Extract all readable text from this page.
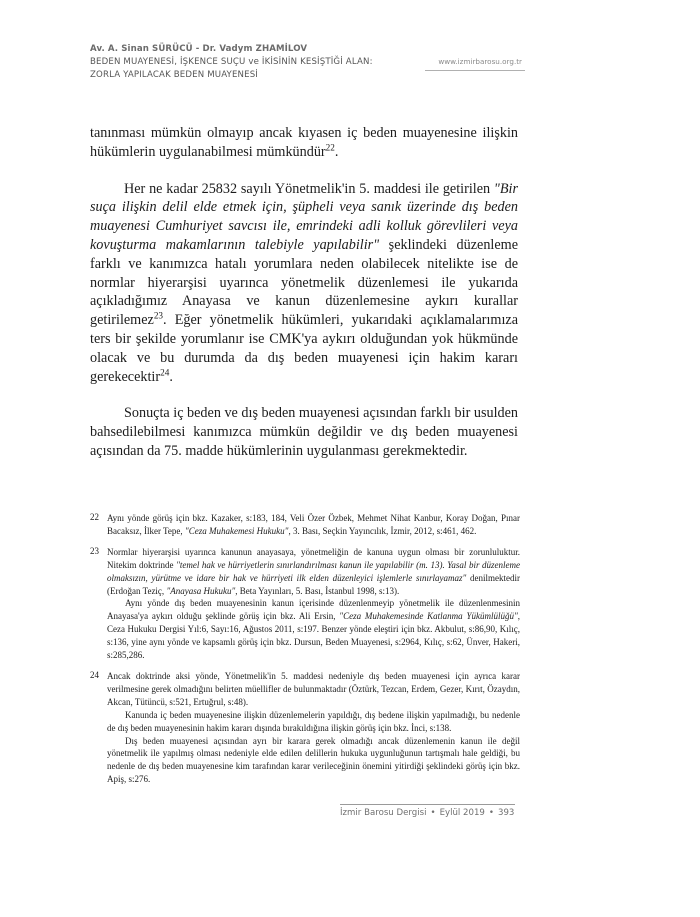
Av. A. Sinan SÜRÜCÜ - Dr. Vadym ZHAMİLOV
BEDEN MUAYENESİ, İŞKENCE SUÇU ve İKİSİNİN KESİŞTİĞİ ALAN:
ZORLA YAPILACAK BEDEN MUAYENESİ
www.izmirbarosu.org.tr

tanınması mümkün olmayıp ancak kıyasen iç beden muayenesine ilişkin hükümlerin uygulanabilmesi mümkündür$^{22}$.

Her ne kadar 25832 sayılı Yönetmelik'in 5. maddesi ile getirilen "Bir suça ilişkin delil elde etmek için, şüpheli veya sanık üzerinde dış beden muayenesi Cumhuriyet savcısı ile, emrindeki adli kolluk görevlileri veya kovuşturma makamlarının talebiyle yapılabilir" şeklindeki düzenleme farklı ve kanımızca hatalı yorumlara neden olabilecek nitelikte ise de normlar hiyerarşisi uyarınca yönetmelik düzenlemesi ile yukarıda açıkladığımız Anayasa ve kanun düzenlemesine aykırı kurallar getirilemez$^{23}$. Eğer yönetmelik hükümleri, yukarıdaki açıklamalarımıza ters bir şekilde yorumlanır ise CMK'ya aykırı olduğundan yok hükmünde olacak ve bu durumda da dış beden muayenesi için hakim kararı gerekecektir$^{24}$.

Sonuçta iç beden ve dış beden muayenesi açısından farklı bir usulden bahsedilebilmesi kanımızca mümkün değildir ve dış beden muayenesi açısından da 75. madde hükümlerinin uygulanması gerekmektedir.

22 Aynı yönde görüş için bkz. Kazaker, s:183, 184, Veli Özer Özbek, Mehmet Nihat Kanbur, Koray Doğan, Pınar Bacaksız, İlker Tepe, "Ceza Muhakemesi Hukuku", 3. Bası, Seçkin Yayıncılık, İzmir, 2012, s:461, 462.

23 Normlar hiyerarşisi uyarınca kanunun anayasaya, yönetmeliğin de kanuna uygun olması bir zorunluluktur. Nitekim doktrinde "temel hak ve hürriyetlerin sınırlandırılması kanun ile yapılabilir (m. 13). Yasal bir düzenleme olmaksızın, yürütme ve idare bir hak ve hürriyeti ilk elden düzenleyici işlemlerle sınırlayamaz" denilmektedir (Erdoğan Teziç, "Anayasa Hukuku", Beta Yayınları, 5. Bası, İstanbul 1998, s:13).

Aynı yönde dış beden muayenesinin kanun içerisinde düzenlenmeyip yönetmelik ile düzenlenmesinin Anayasa'ya aykırı olduğu şeklinde görüş için bkz. Ali Ersin, "Ceza Muhakemesinde Katlanma Yükümlülüğü", Ceza Hukuku Dergisi Yıl:6, Sayı:16, Ağustos 2011, s:197. Benzer yönde eleştiri için bkz. Akbulut, s:86,90, Kılıç, s:136, yine aynı yönde ve kapsamlı görüş için bkz. Dursun, Beden Muayenesi, s:2964, Kılıç, s:62, Ünver, Hakeri, s:285,286.

24 Ancak doktrinde aksi yönde, Yönetmelik'in 5. maddesi nedeniyle dış beden muayenesi için ayrıca karar verilmesine gerek olmadığını belirten müellifler de bulunmaktadır (Öztürk, Tezcan, Erdem, Gezer, Kırıt, Özaydın, Akcan, Tütüncü, s:521, Ertuğrul, s:48).

Kanunda iç beden muayenesine ilişkin düzenlemelerin yapıldığı, dış bedene ilişkin yapılmadığı, bu nedenle de dış beden muayenesinin hakim kararı dışında bırakıldığına ilişkin görüş için bkz. İnci, s:138.

Dış beden muayenesi açısından ayrı bir karara gerek olmadığı ancak düzenlemenin kanun ile değil yönetmelik ile yapılmış olması nedeniyle elde edilen delillerin hukuka uygunluğunun tartışmalı hale geldiği, bu nedenle de dış beden muayenesine kim tarafından karar verileceğinin önemini yitirdiği şeklindeki görüş için bkz. Apiş, s:276.

İzmir Barosu Dergisi • Eylül 2019 • 393
